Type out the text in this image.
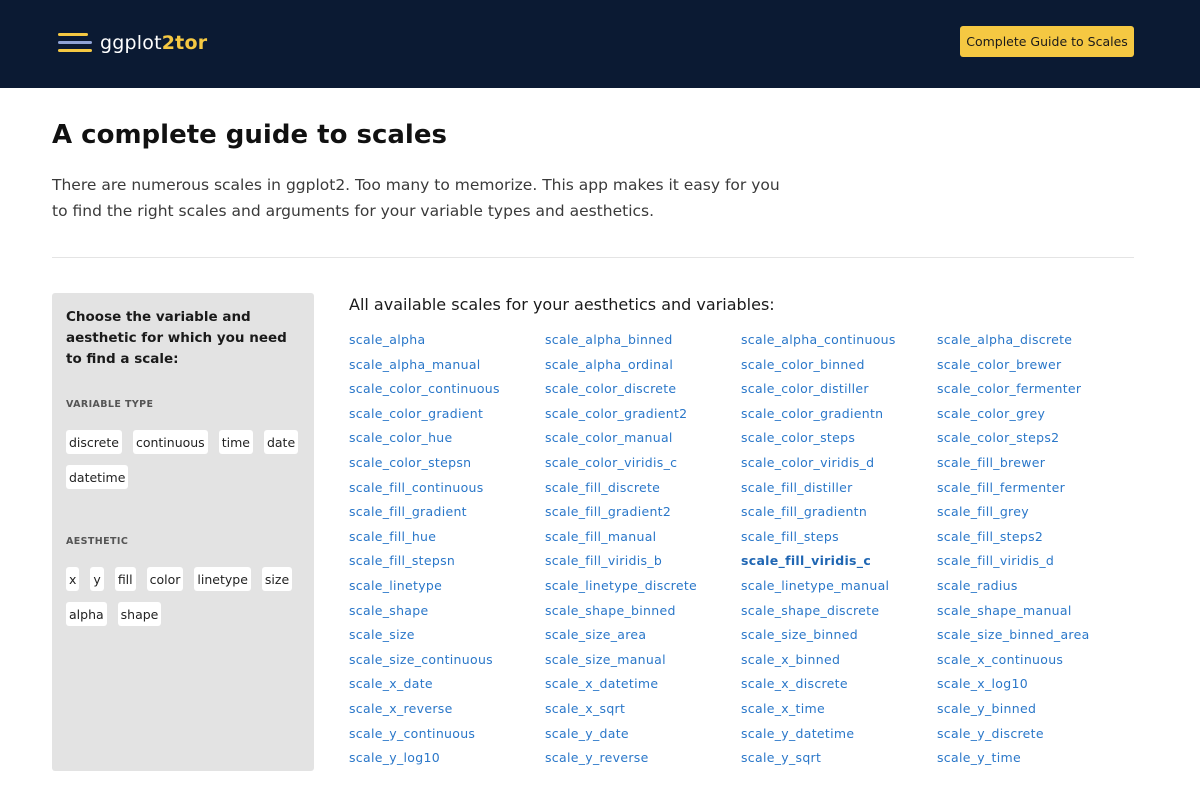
ggplot2tor	Complete Guide to Scales
A complete guide to scales

There are numerous scales in ggplot2. Too many to memorize. This app makes it easy for you to find the right scales and arguments for your variable types and aesthetics.

Choose the variable and aesthetic for which you need to find a scale:
VARIABLE TYPE
discrete continuous time date
datetime
AESTHETIC
x y fill color linetype size
alpha shape
All available scales for your aesthetics and variables:
scale_alpha	scale_alpha_binned	scale_alpha_continuous	scale_alpha_discrete
scale_alpha_manual	scale_alpha_ordinal	scale_color_binned	scale_color_brewer
scale_color_continuous	scale_color_discrete	scale_color_distiller	scale_color_fermenter
scale_color_gradient	scale_color_gradient2	scale_color_gradientn	scale_color_grey
scale_color_hue	scale_color_manual	scale_color_steps	scale_color_steps2
scale_color_stepsn	scale_color_viridis_c	scale_color_viridis_d	scale_fill_brewer
scale_fill_continuous	scale_fill_discrete	scale_fill_distiller	scale_fill_fermenter
scale_fill_gradient	scale_fill_gradient2	scale_fill_gradientn	scale_fill_grey
scale_fill_hue	scale_fill_manual	scale_fill_steps	scale_fill_steps2
scale_fill_stepsn	scale_fill_viridis_b	scale_fill_viridis_c	scale_fill_viridis_d
scale_linetype	scale_linetype_discrete	scale_linetype_manual	scale_radius
scale_shape	scale_shape_binned	scale_shape_discrete	scale_shape_manual
scale_size	scale_size_area	scale_size_binned	scale_size_binned_area
scale_size_continuous	scale_size_manual	scale_x_binned	scale_x_continuous
scale_x_date	scale_x_datetime	scale_x_discrete	scale_x_log10
scale_x_reverse	scale_x_sqrt	scale_x_time	scale_y_binned
scale_y_continuous	scale_y_date	scale_y_datetime	scale_y_discrete
scale_y_log10	scale_y_reverse	scale_y_sqrt	scale_y_time
